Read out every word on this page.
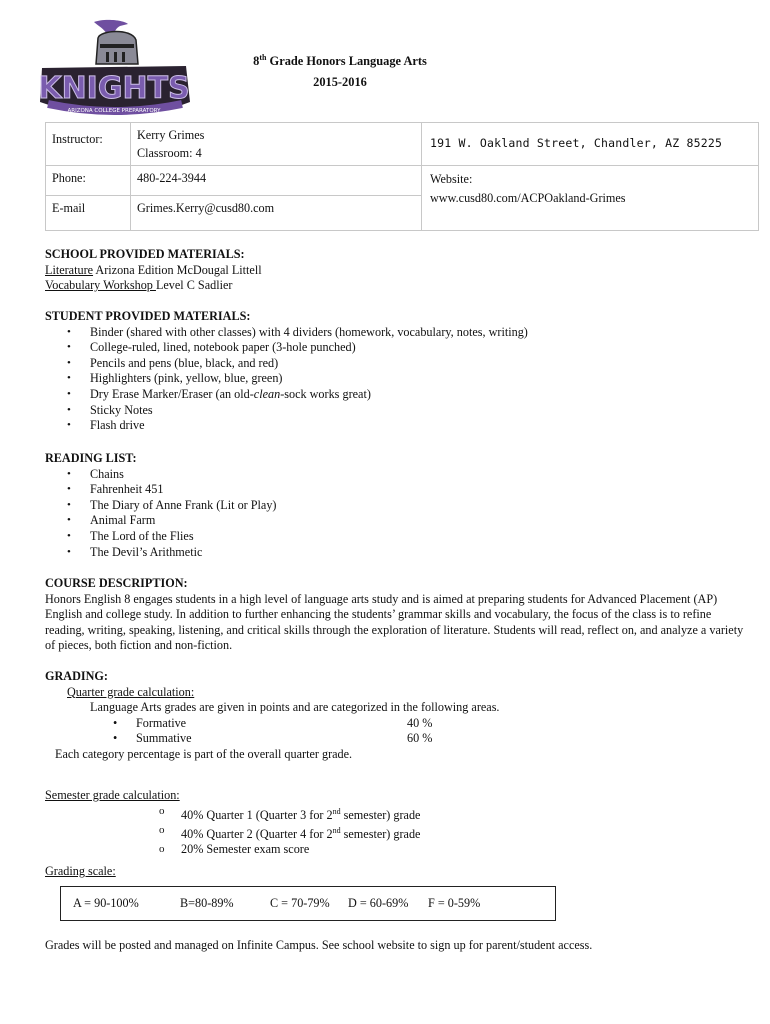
KNIGHTS
ARIZONA COLLEGE PREPARATORY
8th Grade Honors Language Arts
2015-2016
Instructor:	Kerry Grimes
Classroom: 4	191 W. Oakland Street, Chandler, AZ 85225

Phone:	480-224-3944	Website:
www.cusd80.com/ACPOakland-Grimes

E-mail	Grimes.Kerry@cusd80.com	
SCHOOL PROVIDED MATERIALS:
Literature Arizona Edition McDougal Littell
Vocabulary Workshop Level C Sadlier
STUDENT PROVIDED MATERIALS:
• Binder (shared with other classes) with 4 dividers (homework, vocabulary, notes, writing)
• College-ruled, lined, notebook paper (3-hole punched)
• Pencils and pens (blue, black, and red)
• Highlighters (pink, yellow, blue, green)
• Dry Erase Marker/Eraser (an old-clean-sock works great)
• Sticky Notes
• Flash drive
READING LIST:
• Chains
• Fahrenheit 451
• The Diary of Anne Frank (Lit or Play)
• Animal Farm
• The Lord of the Flies
• The Devil’s Arithmetic
COURSE DESCRIPTION:
Honors English 8 engages students in a high level of language arts study and is aimed at preparing students for Advanced Placement (AP) English and college study. In addition to further enhancing the students’ grammar skills and vocabulary, the focus of the class is to refine reading, writing, speaking, listening, and critical skills through the exploration of literature. Students will read, reflect on, and analyze a variety of pieces, both fiction and non-fiction.
GRADING:
Quarter grade calculation:
Language Arts grades are given in points and are categorized in the following areas.
• Formative	40 %
• Summative	60 %
Each category percentage is part of the overall quarter grade.
Semester grade calculation:
o 40% Quarter 1 (Quarter 3 for 2nd semester) grade
o 40% Quarter 2 (Quarter 4 for 2nd semester) grade
o 20% Semester exam score
Grading scale:
A = 90-100%	B=80-89%	C = 70-79% D = 60-69% F = 0-59%
Grades will be posted and managed on Infinite Campus. See school website to sign up for parent/student access.
